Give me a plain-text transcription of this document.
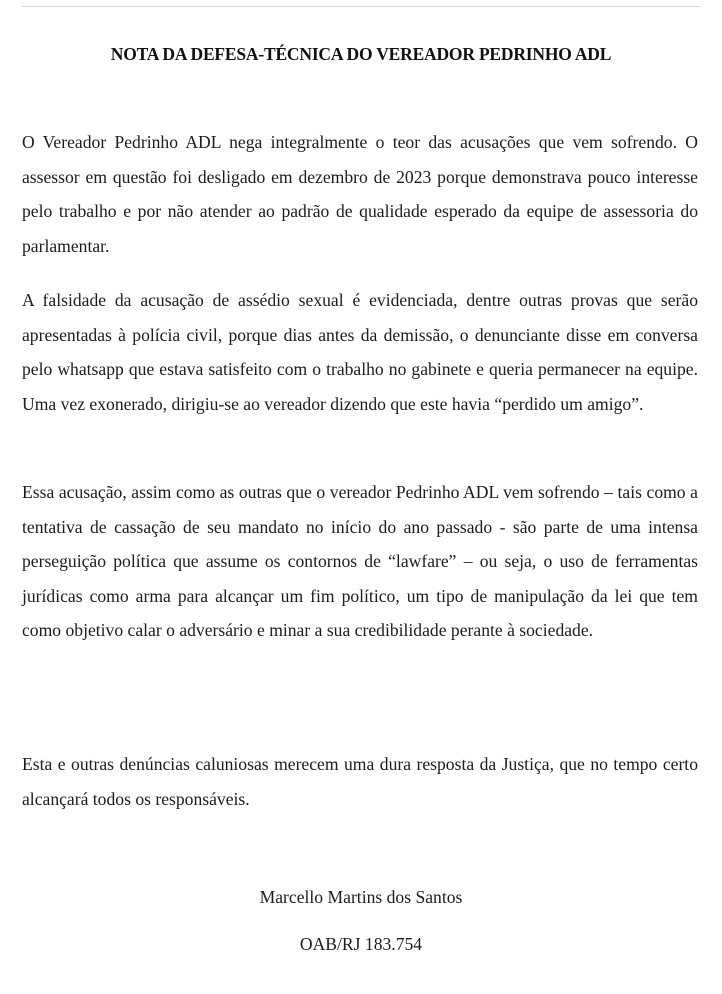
NOTA DA DEFESA-TÉCNICA DO VEREADOR PEDRINHO ADL

O Vereador Pedrinho ADL nega integralmente o teor das acusações que vem sofrendo. O assessor em questão foi desligado em dezembro de 2023 porque demonstrava pouco interesse pelo trabalho e por não atender ao padrão de qualidade esperado da equipe de assessoria do parlamentar.

A falsidade da acusação de assédio sexual é evidenciada, dentre outras provas que serão apresentadas à polícia civil, porque dias antes da demissão, o denunciante disse em conversa pelo whatsapp que estava satisfeito com o trabalho no gabinete e queria permanecer na equipe. Uma vez exonerado, dirigiu-se ao vereador dizendo que este havia “perdido um amigo”.

Essa acusação, assim como as outras que o vereador Pedrinho ADL vem sofrendo – tais como a tentativa de cassação de seu mandato no início do ano passado - são parte de uma intensa perseguição política que assume os contornos de “lawfare” – ou seja, o uso de ferramentas jurídicas como arma para alcançar um fim político, um tipo de manipulação da lei que tem como objetivo calar o adversário e minar a sua credibilidade perante à sociedade.

Esta e outras denúncias caluniosas merecem uma dura resposta da Justiça, que no tempo certo alcançará todos os responsáveis.

Marcello Martins dos Santos
OAB/RJ 183.754
